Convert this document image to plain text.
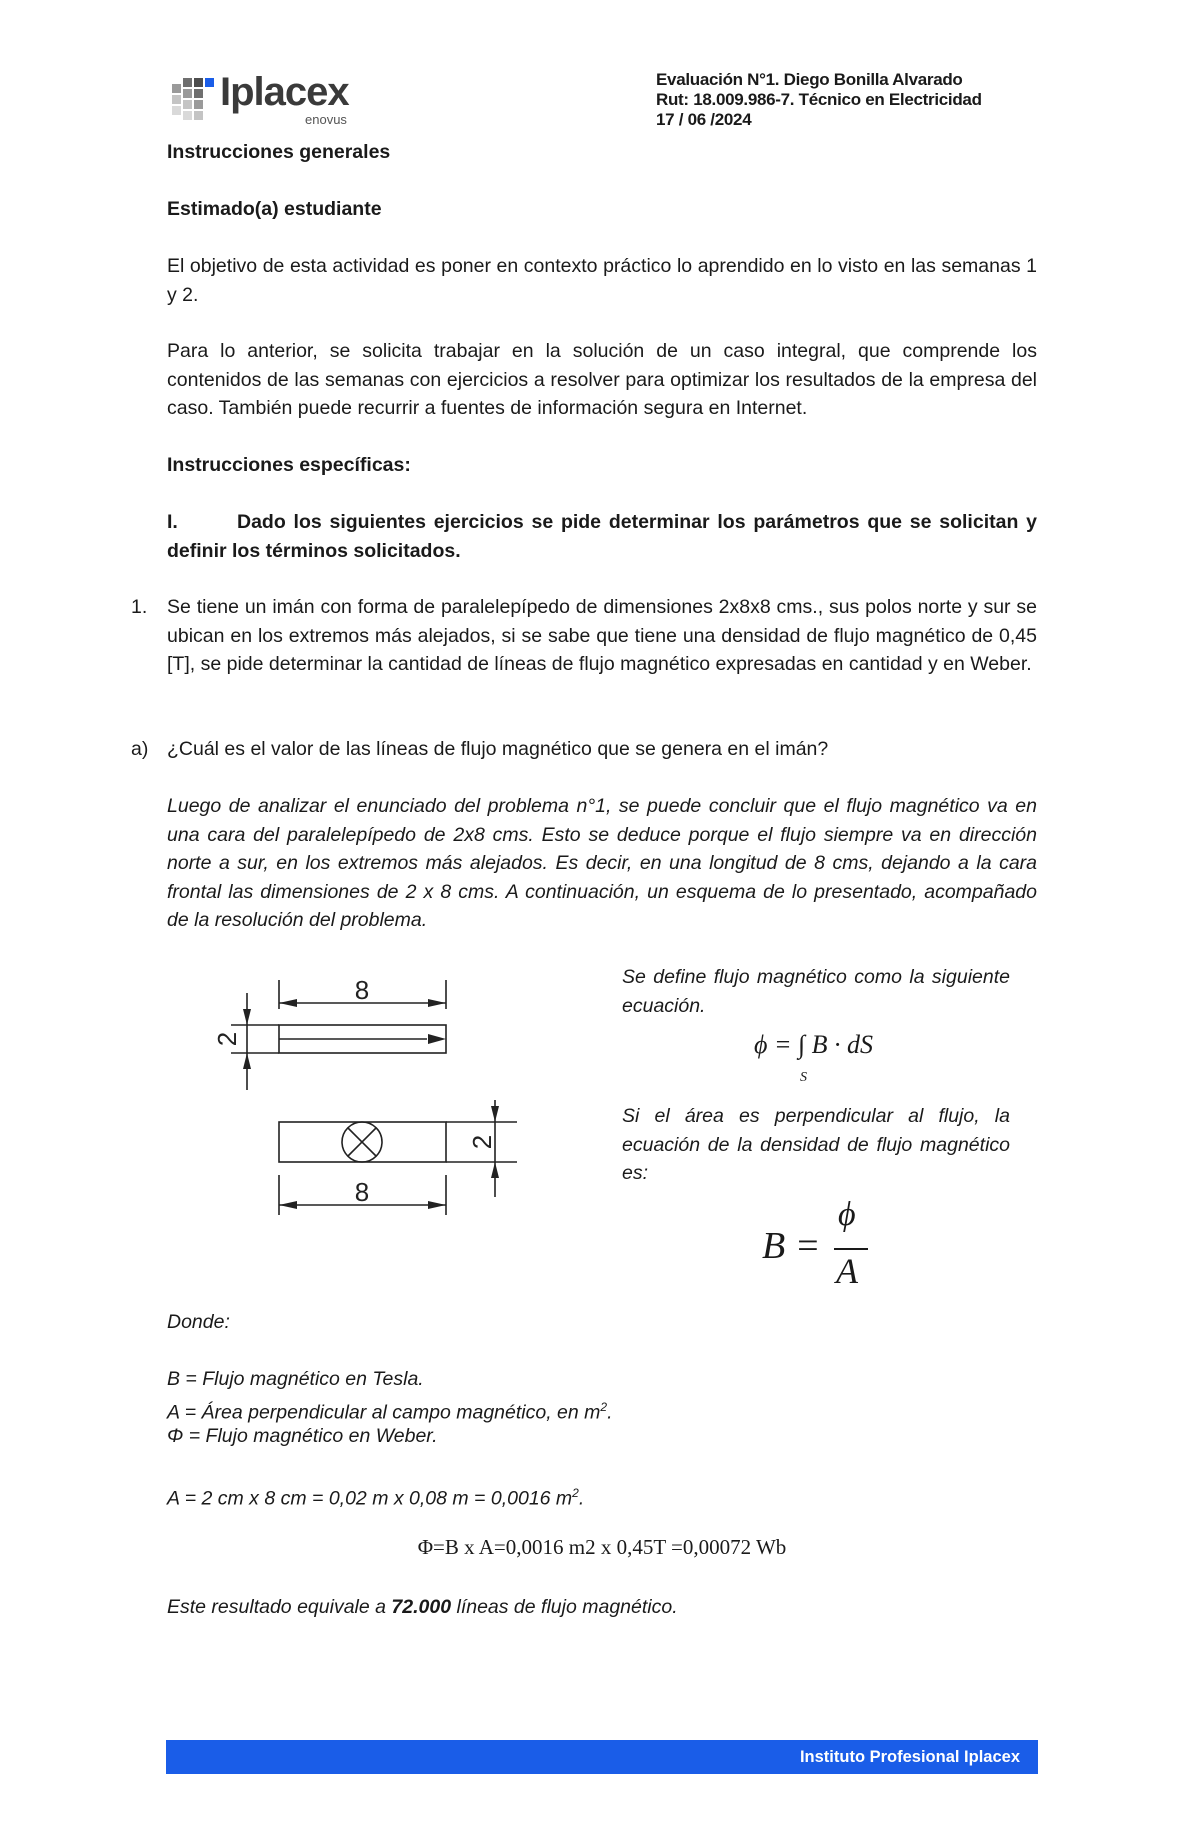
Iplacex
enovus
Evaluación N°1. Diego Bonilla Alvarado
Rut: 18.009.986-7. Técnico en Electricidad
17 / 06 /2024
Instrucciones generales
Estimado(a) estudiante
El objetivo de esta actividad es poner en contexto práctico lo aprendido en lo visto en las semanas 1 y 2.
Para lo anterior, se solicita trabajar en la solución de un caso integral, que comprende los contenidos de las semanas con ejercicios a resolver para optimizar los resultados de la empresa del caso. También puede recurrir a fuentes de información segura en Internet.
Instrucciones específicas:
I.	Dado los siguientes ejercicios se pide determinar los parámetros que se solicitan y definir los términos solicitados.
1. Se tiene un imán con forma de paralelepípedo de dimensiones 2x8x8 cms., sus polos norte y sur se ubican en los extremos más alejados, si se sabe que tiene una densidad de flujo magnético de 0,45 [T], se pide determinar la cantidad de líneas de flujo magnético expresadas en cantidad y en Weber.
a) ¿Cuál es el valor de las líneas de flujo magnético que se genera en el imán?
Luego de analizar el enunciado del problema n°1, se puede concluir que el flujo magnético va en una cara del paralelepípedo de 2x8 cms. Esto se deduce porque el flujo siempre va en dirección norte a sur, en los extremos más alejados. Es decir, en una longitud de 8 cms, dejando a la cara frontal las dimensiones de 2 x 8 cms. A continuación, un esquema de lo presentado, acompañado de la resolución del problema.
8
2
2
8
Se define flujo magnético como la siguiente ecuación.
ϕ = ∫ B · dS
S
Si el área es perpendicular al flujo, la ecuación de la densidad de flujo magnético es:
B =
ϕ
A
Donde:
B = Flujo magnético en Tesla.
A = Área perpendicular al campo magnético, en $m^2$.
Φ = Flujo magnético en Weber.
A = 2 cm x 8 cm = 0,02 m x 0,08 m = 0,0016 $m^2$.
Φ=B x A=0,0016 m2 x 0,45T =0,00072 Wb
Este resultado equivale a 72.000 líneas de flujo magnético.
Instituto Profesional Iplacex
